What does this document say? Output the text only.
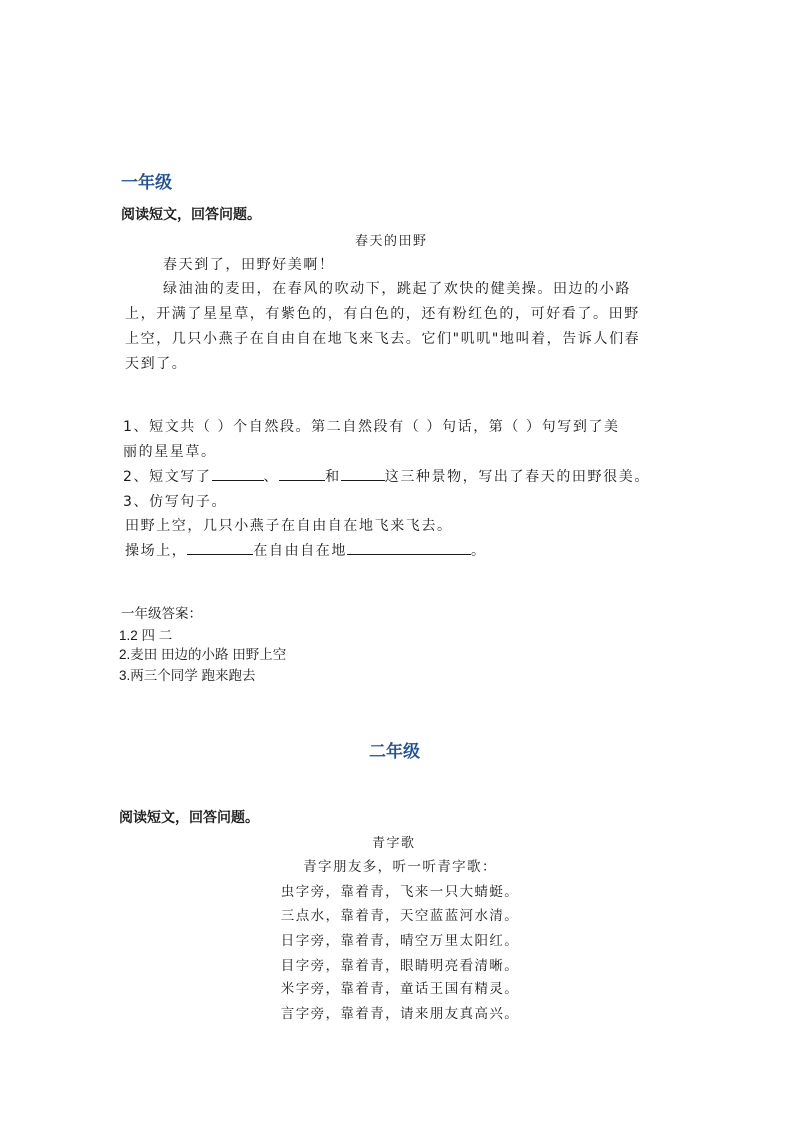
一年级
阅读短文，回答问题。
春天的田野
春天到了，田野好美啊！
绿油油的麦田，在春风的吹动下，跳起了欢快的健美操。田边的小路
上，开满了星星草，有紫色的，有白色的，还有粉红色的，可好看了。田野
上空，几只小燕子在自由自在地飞来飞去。它们"叽叽"地叫着，告诉人们春
天到了。
1、短文共（ ）个自然段。第二自然段有（ ）句话，第（ ）句写到了美
丽的星星草。
2、短文写了	、	和	这三种景物，写出了春天的田野很美。
3、仿写句子。
田野上空，几只小燕子在自由自在地飞来飞去。
操场上，	在自由自在地	。
一年级答案：
1.2 四 二
2.麦田 田边的小路 田野上空
3.两三个同学 跑来跑去
二年级
阅读短文，回答问题。
青字歌
青字朋友多，听一听青字歌：
虫字旁，靠着青，飞来一只大蜻蜓。
三点水，靠着青，天空蓝蓝河水清。
日字旁，靠着青，晴空万里太阳红。
目字旁，靠着青，眼睛明亮看清晰。
米字旁，靠着青，童话王国有精灵。
言字旁，靠着青，请来朋友真高兴。
